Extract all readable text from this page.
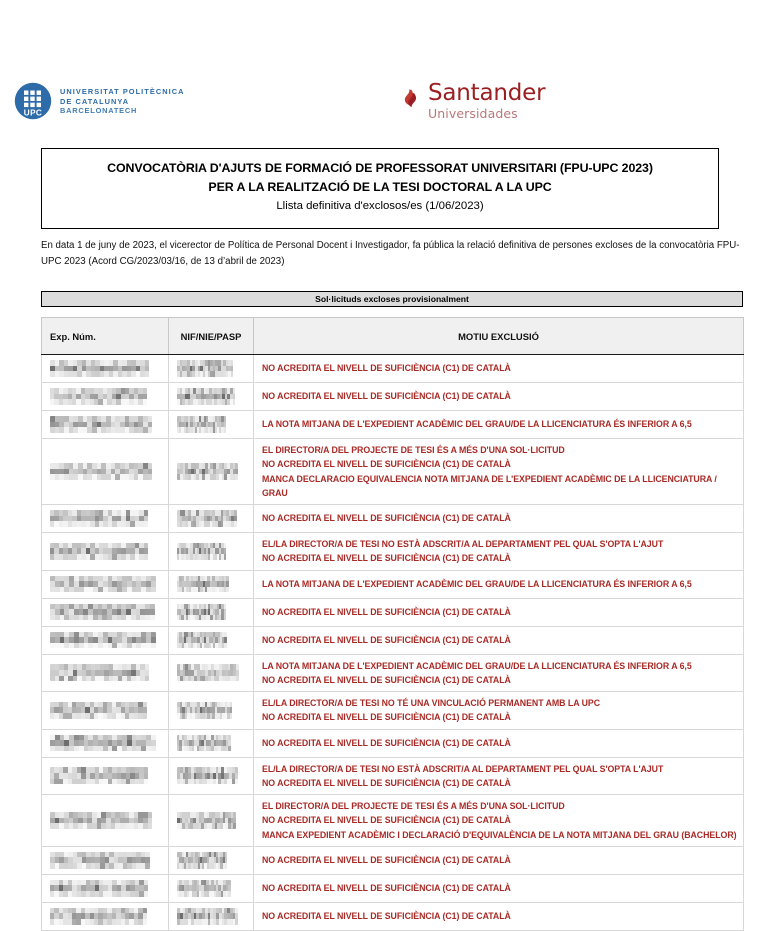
UPC
UNIVERSITAT POLITÈCNICA
DE CATALUNYA
BARCELONATECH
Santander
Universidades
CONVOCATÒRIA D'AJUTS DE FORMACIÓ DE PROFESSORAT UNIVERSITARI (FPU-UPC 2023)
PER A LA REALITZACIÓ DE LA TESI DOCTORAL A LA UPC
Llista definitiva d'exclosos/es (1/06/2023)

En data 1 de juny de 2023, el vicerector de Política de Personal Docent i Investigador, fa pública la relació definitiva de persones excloses de la convocatòria FPU-UPC 2023 (Acord CG/2023/03/16, de 13 d’abril de 2023)

Sol·licituds excloses provisionalment
Exp. Núm.	NIF/NIE/PASP	MOTIU EXCLUSIÓ

		NO ACREDITA EL NIVELL DE SUFICIÈNCIA (C1) DE CATALÀ

		NO ACREDITA EL NIVELL DE SUFICIÈNCIA (C1) DE CATALÀ

		LA NOTA MITJANA DE L'EXPEDIENT ACADÈMIC DEL GRAU/DE LA LLICENCIATURA ÉS INFERIOR A 6,5

		EL DIRECTOR/A DEL PROJECTE DE TESI ÉS A MÉS D'UNA SOL·LICITUD
NO ACREDITA EL NIVELL DE SUFICIÈNCIA (C1) DE CATALÀ
MANCA DECLARACIO EQUIVALENCIA NOTA MITJANA DE L'EXPEDIENT ACADÈMIC DE LA LLICENCIATURA / GRAU

		NO ACREDITA EL NIVELL DE SUFICIÈNCIA (C1) DE CATALÀ

		EL/LA DIRECTOR/A DE TESI NO ESTÀ ADSCRIT/A AL DEPARTAMENT PEL QUAL S'OPTA L'AJUT
NO ACREDITA EL NIVELL DE SUFICIÈNCIA (C1) DE CATALÀ

		LA NOTA MITJANA DE L'EXPEDIENT ACADÈMIC DEL GRAU/DE LA LLICENCIATURA ÉS INFERIOR A 6,5

		NO ACREDITA EL NIVELL DE SUFICIÈNCIA (C1) DE CATALÀ

		NO ACREDITA EL NIVELL DE SUFICIÈNCIA (C1) DE CATALÀ

		LA NOTA MITJANA DE L'EXPEDIENT ACADÈMIC DEL GRAU/DE LA LLICENCIATURA ÉS INFERIOR A 6,5
NO ACREDITA EL NIVELL DE SUFICIÈNCIA (C1) DE CATALÀ

		EL/LA DIRECTOR/A DE TESI NO TÉ UNA VINCULACIÓ PERMANENT AMB LA UPC
NO ACREDITA EL NIVELL DE SUFICIÈNCIA (C1) DE CATALÀ

		NO ACREDITA EL NIVELL DE SUFICIÈNCIA (C1) DE CATALÀ

		EL/LA DIRECTOR/A DE TESI NO ESTÀ ADSCRIT/A AL DEPARTAMENT PEL QUAL S'OPTA L'AJUT
NO ACREDITA EL NIVELL DE SUFICIÈNCIA (C1) DE CATALÀ

		EL DIRECTOR/A DEL PROJECTE DE TESI ÉS A MÉS D'UNA SOL·LICITUD
NO ACREDITA EL NIVELL DE SUFICIÈNCIA (C1) DE CATALÀ
MANCA EXPEDIENT ACADÈMIC I DECLARACIÓ D'EQUIVALÈNCIA DE LA NOTA MITJANA DEL GRAU (BACHELOR)

		NO ACREDITA EL NIVELL DE SUFICIÈNCIA (C1) DE CATALÀ

		NO ACREDITA EL NIVELL DE SUFICIÈNCIA (C1) DE CATALÀ

		NO ACREDITA EL NIVELL DE SUFICIÈNCIA (C1) DE CATALÀ
